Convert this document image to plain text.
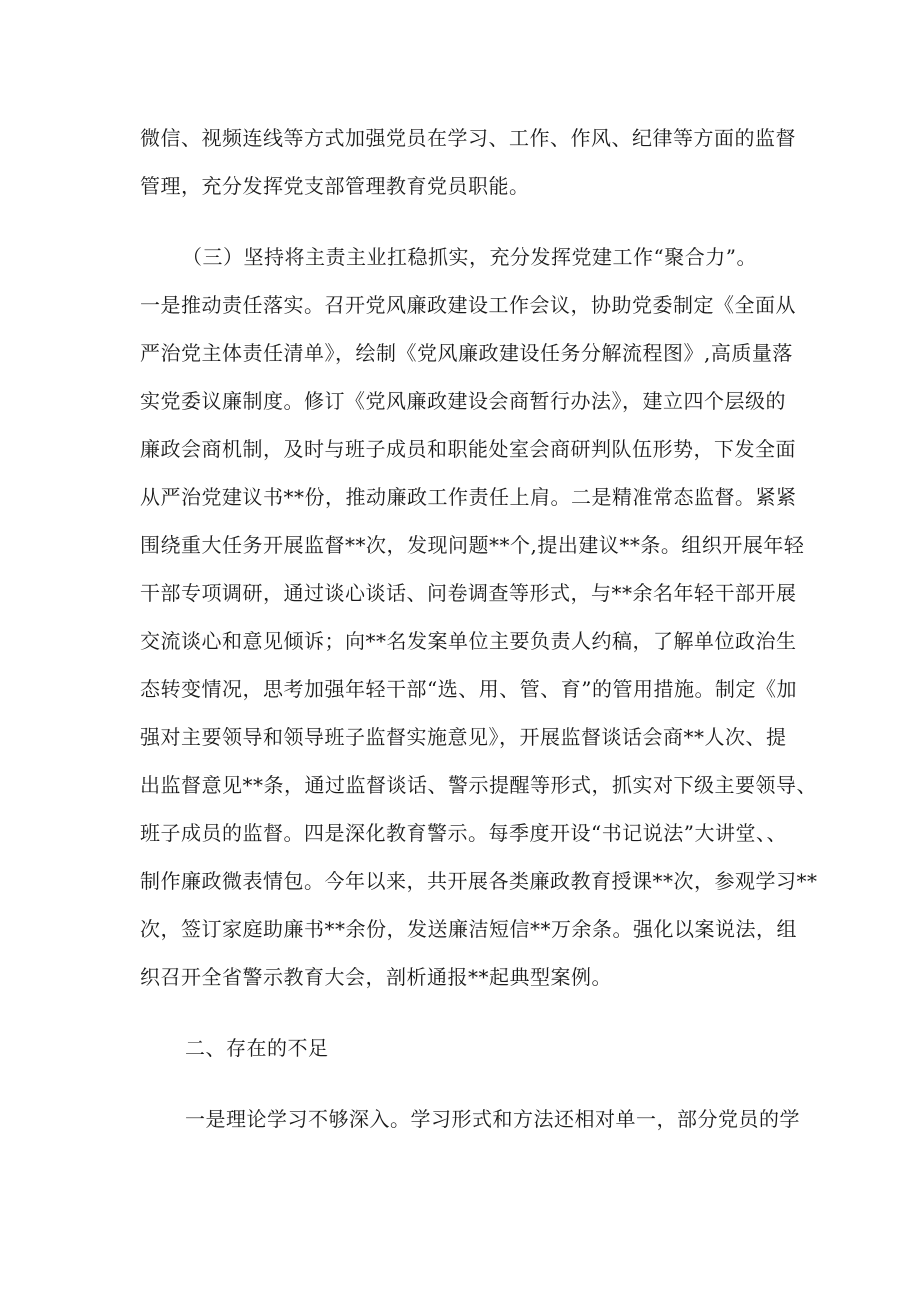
微信、视频连线等方式加强党员在学习、工作、作风、纪律等方面的监督
管理，充分发挥党支部管理教育党员职能。
（三）坚持将主责主业扛稳抓实，充分发挥党建工作“聚合力”。
一是推动责任落实。召开党风廉政建设工作会议，协助党委制定《全面从
严治党主体责任清单》，绘制《党风廉政建设任务分解流程图》,高质量落
实党委议廉制度。修订《党风廉政建设会商暂行办法》，建立四个层级的
廉政会商机制，及时与班子成员和职能处室会商研判队伍形势，下发全面
从严治党建议书**份，推动廉政工作责任上肩。二是精准常态监督。紧紧
围绕重大任务开展监督**次，发现问题**个,提出建议**条。组织开展年轻
干部专项调研，通过谈心谈话、问卷调查等形式，与**余名年轻干部开展
交流谈心和意见倾诉；向**名发案单位主要负责人约稿，了解单位政治生
态转变情况，思考加强年轻干部“选、用、管、育”的管用措施。制定《加
强对主要领导和领导班子监督实施意见》，开展监督谈话会商**人次、提
出监督意见**条，通过监督谈话、警示提醒等形式，抓实对下级主要领导、
班子成员的监督。四是深化教育警示。每季度开设“书记说法”大讲堂、、
制作廉政微表情包。今年以来，共开展各类廉政教育授课**次，参观学习**
次，签订家庭助廉书**余份，发送廉洁短信**万余条。强化以案说法，组
织召开全省警示教育大会，剖析通报**起典型案例。
二、存在的不足
一是理论学习不够深入。学习形式和方法还相对单一，部分党员的学
